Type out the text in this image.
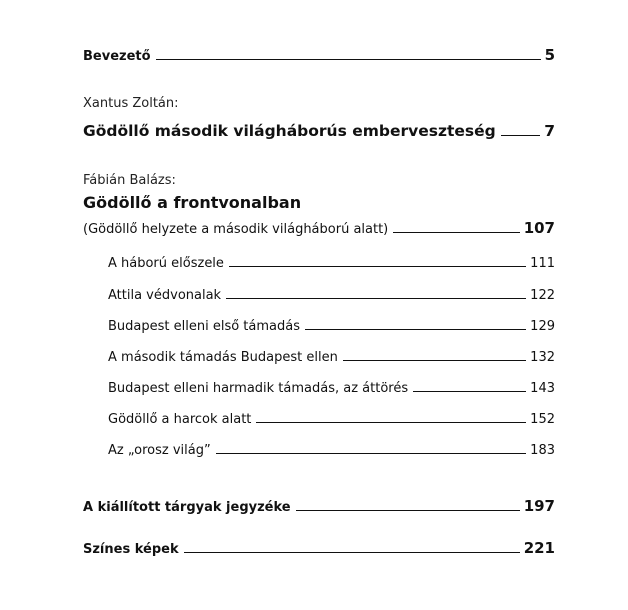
Bevezető	5
Xantus Zoltán:
Gödöllő második világháborús emberveszteség	7
Fábián Balázs:
Gödöllő a frontvonalban
(Gödöllő helyzete a második világháború alatt)	107
A háború előszele	111
Attila védvonalak	122
Budapest elleni első támadás	129
A második támadás Budapest ellen	132
Budapest elleni harmadik támadás, az áttörés	143
Gödöllő a harcok alatt	152
Az „orosz világ”	183
A kiállított tárgyak jegyzéke	197
Színes képek	221
